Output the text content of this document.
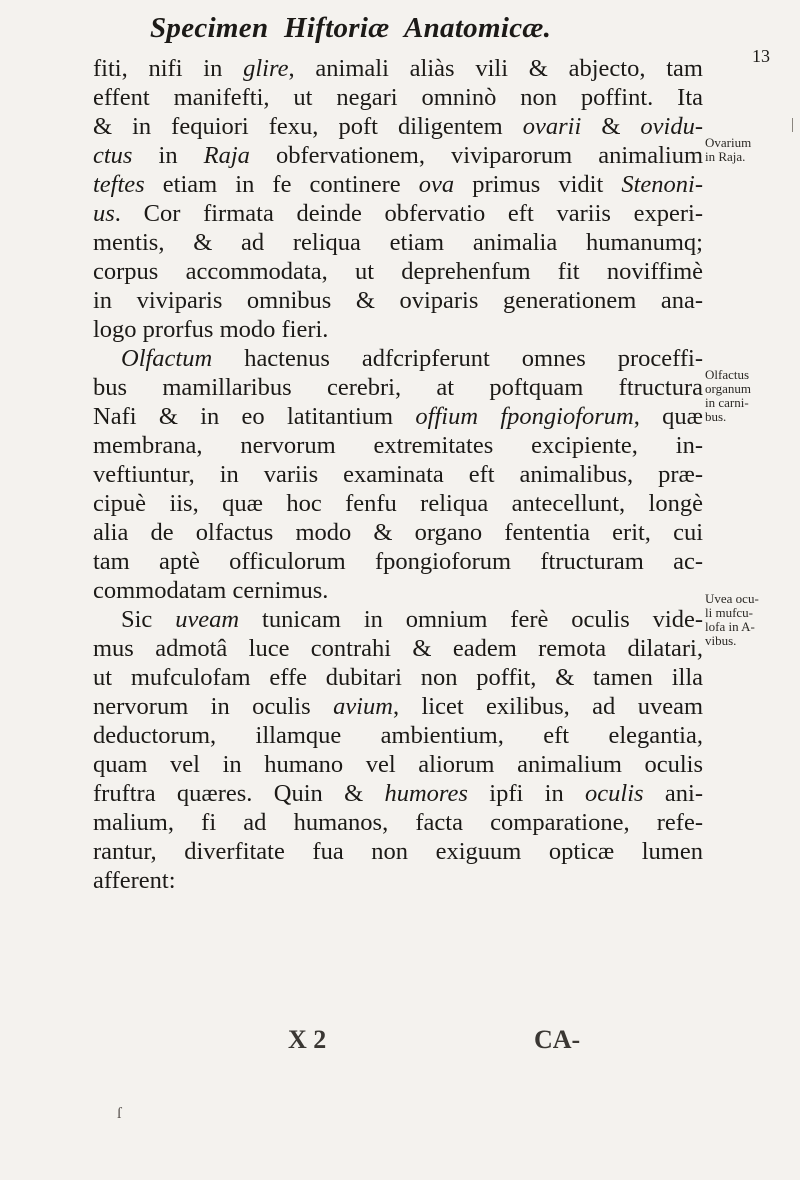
Specimen Hiftoriæ Anatomicæ.
13
fiti, nifi in glire, animali aliàs vili & abjecto, tam
effent manifefti, ut negari omninò non poffint. Ita
& in fequiori fexu, poft diligentem ovarii & ovidu-
ctus in Raja obfervationem, viviparorum animalium
teftes etiam in fe continere ova primus vidit Stenoni-
us. Cor firmata deinde obfervatio eft variis experi-
mentis, & ad reliqua etiam animalia humanumq;
corpus accommodata, ut deprehenfum fit noviffimè
in viviparis omnibus & oviparis generationem ana-
logo prorfus modo fieri.
Olfactum hactenus adfcripferunt omnes proceffi-
bus mamillaribus cerebri, at poftquam ftructura
Nafi & in eo latitantium offium fpongioforum, quæ
membrana, nervorum extremitates excipiente, in-
veftiuntur, in variis examinata eft animalibus, præ-
cipuè iis, quæ hoc fenfu reliqua antecellunt, longè
alia de olfactus modo & organo fententia erit, cui
tam aptè officulorum fpongioforum ftructuram ac-
commodatam cernimus.
Sic uveam tunicam in omnium ferè oculis vide-
mus admotâ luce contrahi & eadem remota dilatari,
ut mufculofam effe dubitari non poffit, & tamen illa
nervorum in oculis avium, licet exilibus, ad uveam
deductorum, illamque ambientium, eft elegantia,
quam vel in humano vel aliorum animalium oculis
fruftra quæres. Quin & humores ipfi in oculis ani-
malium, fi ad humanos, facta comparatione, refe-
rantur, diverfitate fua non exiguum opticæ lumen
afferent:
Ovarium
in Raja.
Olfactus
organum
in carni-
bus.
Uvea ocu-
li mufcu-
lofa in A-
vibus.
X 2	CA-
ſ
